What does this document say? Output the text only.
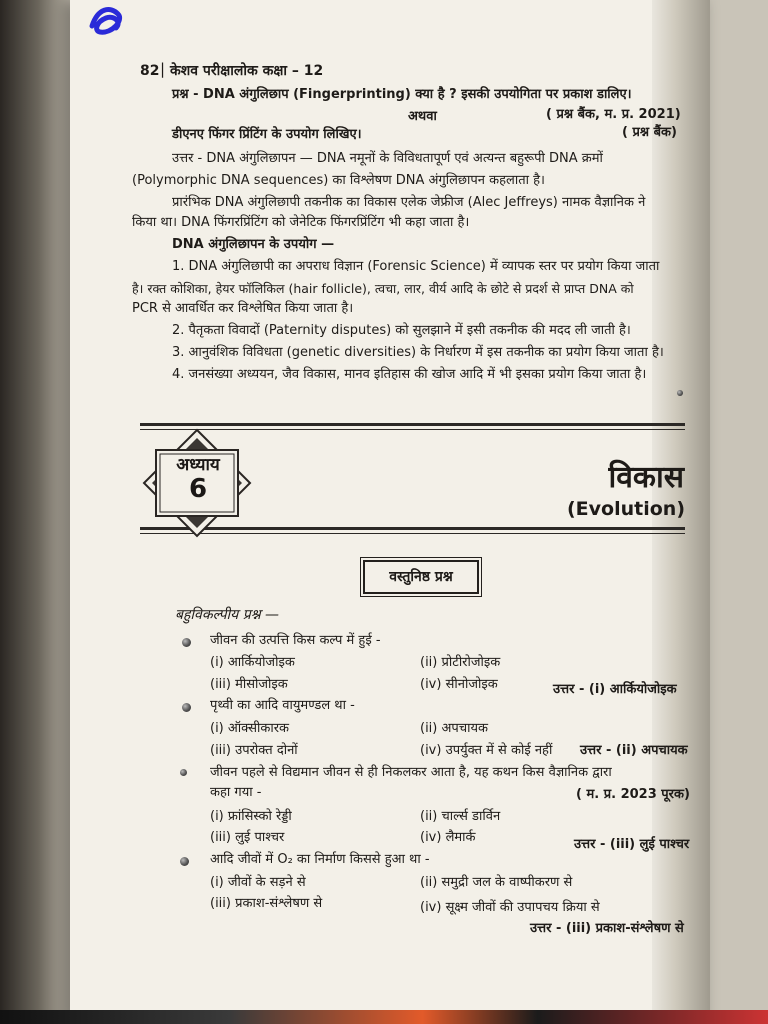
82 | केशव परीक्षालोक कक्षा – 12
प्रश्न - DNA अंगुलिछाप (Fingerprinting) क्या है ? इसकी उपयोगिता पर प्रकाश डालिए।
( प्रश्न बैंक, म. प्र. 2021)
अथवा
डीएनए फिंगर प्रिंटिंग के उपयोग लिखिए।	( प्रश्न बैंक)
उत्तर - DNA अंगुलिछापन — DNA नमूनों के विविधतापूर्ण एवं अत्यन्त बहुरूपी DNA क्रमों
(Polymorphic DNA sequences) का विश्लेषण DNA अंगुलिछापन कहलाता है।
प्रारंभिक DNA अंगुलिछापी तकनीक का विकास एलेक जेफ्रीज (Alec Jeffreys) नामक वैज्ञानिक ने
किया था। DNA फिंगरप्रिंटिंग को जेनेटिक फिंगरप्रिंटिंग भी कहा जाता है।
DNA अंगुलिछापन के उपयोग —
1. DNA अंगुलिछापी का अपराध विज्ञान (Forensic Science) में व्यापक स्तर पर प्रयोग किया जाता
है। रक्त कोशिका, हेयर फॉलिकिल (hair follicle), त्वचा, लार, वीर्य आदि के छोटे से प्रदर्श से प्राप्त DNA को
PCR से आवर्धित कर विश्लेषित किया जाता है।
2. पैतृकता विवादों (Paternity disputes) को सुलझाने में इसी तकनीक की मदद ली जाती है।
3. आनुवंशिक विविधता (genetic diversities) के निर्धारण में इस तकनीक का प्रयोग किया जाता है।
4. जनसंख्या अध्ययन, जैव विकास, मानव इतिहास की खोज आदि में भी इसका प्रयोग किया जाता है।
अध्याय
6	विकास
(Evolution)
वस्तुनिष्ठ प्रश्न
बहुविकल्पीय प्रश्न —
जीवन की उत्पत्ति किस कल्प में हुई -
(i) आर्कियोजोइक	(ii) प्रोटीरोजोइक
(iii) मीसोजोइक	(iv) सीनोजोइक	उत्तर - (i) आर्कियोजोइक
पृथ्वी का आदि वायुमण्डल था -
(i) ऑक्सीकारक	(ii) अपचायक
(iii) उपरोक्त दोनों	(iv) उपर्युक्त में से कोई नहीं उत्तर - (ii) अपचायक
जीवन पहले से विद्यमान जीवन से ही निकलकर आता है, यह कथन किस वैज्ञानिक द्वारा
कहा गया -	( म. प्र. 2023 पूरक)
(i) फ्रांसिस्को रेड्डी	(ii) चार्ल्स डार्विन
(iii) लुई पाश्चर	(iv) लैमार्क	उत्तर - (iii) लुई पाश्चर
आदि जीवों में O₂ का निर्माण किससे हुआ था -
(i) जीवों के सड़ने से	(ii) समुद्री जल के वाष्पीकरण से
(iii) प्रकाश-संश्लेषण से	(iv) सूक्ष्म जीवों की उपापचय क्रिया से
उत्तर - (iii) प्रकाश-संश्लेषण से
